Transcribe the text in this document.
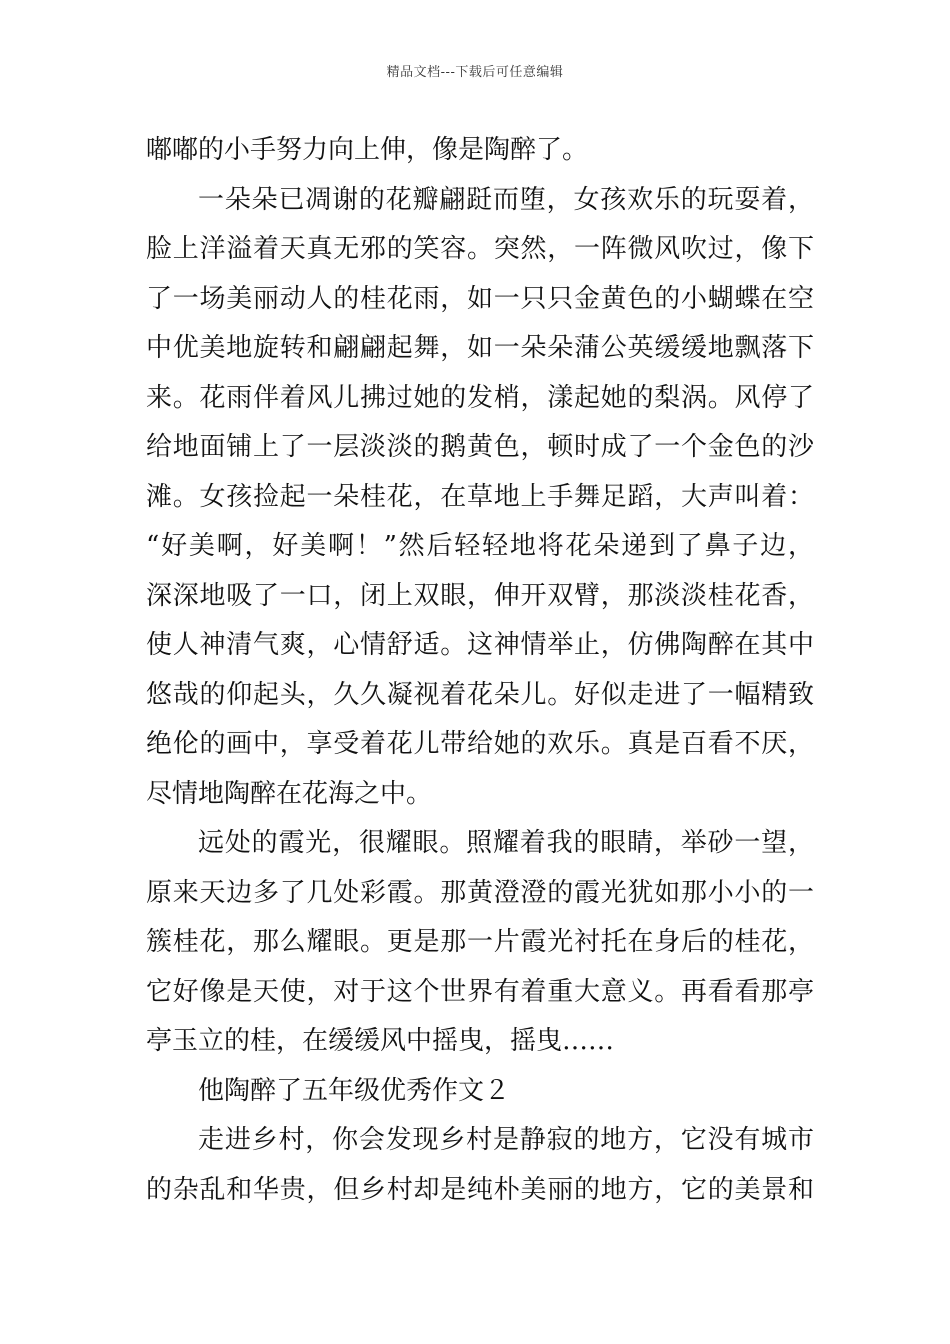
精品文档---下载后可任意编辑
嘟嘟的小手努力向上伸，像是陶醉了。
一朵朵已凋谢的花瓣翩跹而堕，女孩欢乐的玩耍着，
脸上洋溢着天真无邪的笑容。突然，一阵微风吹过，像下
了一场美丽动人的桂花雨，如一只只金黄色的小蝴蝶在空
中优美地旋转和翩翩起舞，如一朵朵蒲公英缓缓地飘落下
来。花雨伴着风儿拂过她的发梢，漾起她的梨涡。风停了
给地面铺上了一层淡淡的鹅黄色，顿时成了一个金色的沙
滩。女孩捡起一朵桂花，在草地上手舞足蹈，大声叫着：
“好美啊，好美啊！”然后轻轻地将花朵递到了鼻子边，
深深地吸了一口，闭上双眼，伸开双臂，那淡淡桂花香，
使人神清气爽，心情舒适。这神情举止，仿佛陶醉在其中
悠哉的仰起头，久久凝视着花朵儿。好似走进了一幅精致
绝伦的画中，享受着花儿带给她的欢乐。真是百看不厌，
尽情地陶醉在花海之中。
远处的霞光，很耀眼。照耀着我的眼睛，举砂一望，
原来天边多了几处彩霞。那黄澄澄的霞光犹如那小小的一
簇桂花，那么耀眼。更是那一片霞光衬托在身后的桂花，
它好像是天使，对于这个世界有着重大意义。再看看那亭
亭玉立的桂，在缓缓风中摇曳，摇曳……
他陶醉了五年级优秀作文２
走进乡村，你会发现乡村是静寂的地方，它没有城市
的杂乱和华贵，但乡村却是纯朴美丽的地方，它的美景和
